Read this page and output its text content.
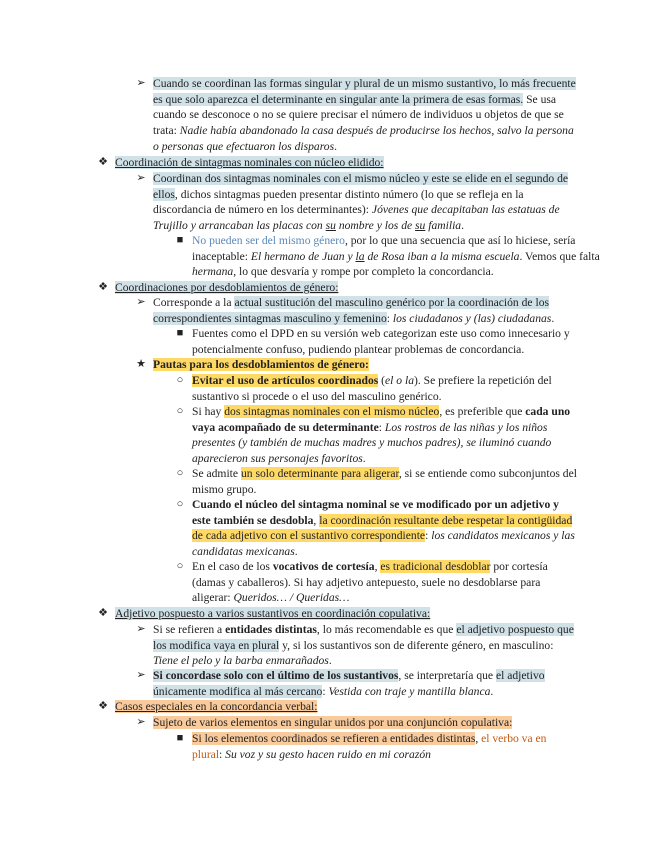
➢ Cuando se coordinan las formas singular y plural de un mismo sustantivo, lo más frecuente es que solo aparezca el determinante en singular ante la primera de esas formas. Se usa cuando se desconoce o no se quiere precisar el número de individuos u objetos de que se trata: Nadie había abandonado la casa después de producirse los hechos, salvo la persona o personas que efectuaron los disparos.
❖ Coordinación de sintagmas nominales con núcleo elidido:
➢ Coordinan dos sintagmas nominales con el mismo núcleo y este se elide en el segundo de ellos, dichos sintagmas pueden presentar distinto número (lo que se refleja en la discordancia de número en los determinantes): Jóvenes que decapitaban las estatuas de Trujillo y arrancaban las placas con su nombre y los de su familia.
■ No pueden ser del mismo género, por lo que una secuencia que así lo hiciese, sería inaceptable: El hermano de Juan y la de Rosa iban a la misma escuela. Vemos que falta hermana, lo que desvaría y rompe por completo la concordancia.
❖ Coordinaciones por desdoblamientos de género:
➢ Corresponde a la actual sustitución del masculino genérico por la coordinación de los correspondientes sintagmas masculino y femenino: los ciudadanos y (las) ciudadanas.
■ Fuentes como el DPD en su versión web categorizan este uso como innecesario y potencialmente confuso, pudiendo plantear problemas de concordancia.
★ Pautas para los desdoblamientos de género:
○ Evitar el uso de artículos coordinados (el o la). Se prefiere la repetición del sustantivo si procede o el uso del masculino genérico.
○ Si hay dos sintagmas nominales con el mismo núcleo, es preferible que cada uno vaya acompañado de su determinante: Los rostros de las niñas y los niños presentes (y también de muchas madres y muchos padres), se iluminó cuando aparecieron sus personajes favoritos.
○ Se admite un solo determinante para aligerar, si se entiende como subconjuntos del mismo grupo.
○ Cuando el núcleo del sintagma nominal se ve modificado por un adjetivo y este también se desdobla, la coordinación resultante debe respetar la contigüidad de cada adjetivo con el sustantivo correspondiente: los candidatos mexicanos y las candidatas mexicanas.
○ En el caso de los vocativos de cortesía, es tradicional desdoblar por cortesía (damas y caballeros). Si hay adjetivo antepuesto, suele no desdoblarse para aligerar: Queridos… / Queridas…
❖ Adjetivo pospuesto a varios sustantivos en coordinación copulativa:
➢ Si se refieren a entidades distintas, lo más recomendable es que el adjetivo pospuesto que los modifica vaya en plural y, si los sustantivos son de diferente género, en masculino: Tiene el pelo y la barba enmarañados.
➢ Si concordase solo con el último de los sustantivos, se interpretaría que el adjetivo únicamente modifica al más cercano: Vestida con traje y mantilla blanca.
❖ Casos especiales en la concordancia verbal:
➢ Sujeto de varios elementos en singular unidos por una conjunción copulativa:
■ Si los elementos coordinados se refieren a entidades distintas, el verbo va en plural: Su voz y su gesto hacen ruido en mi corazón
